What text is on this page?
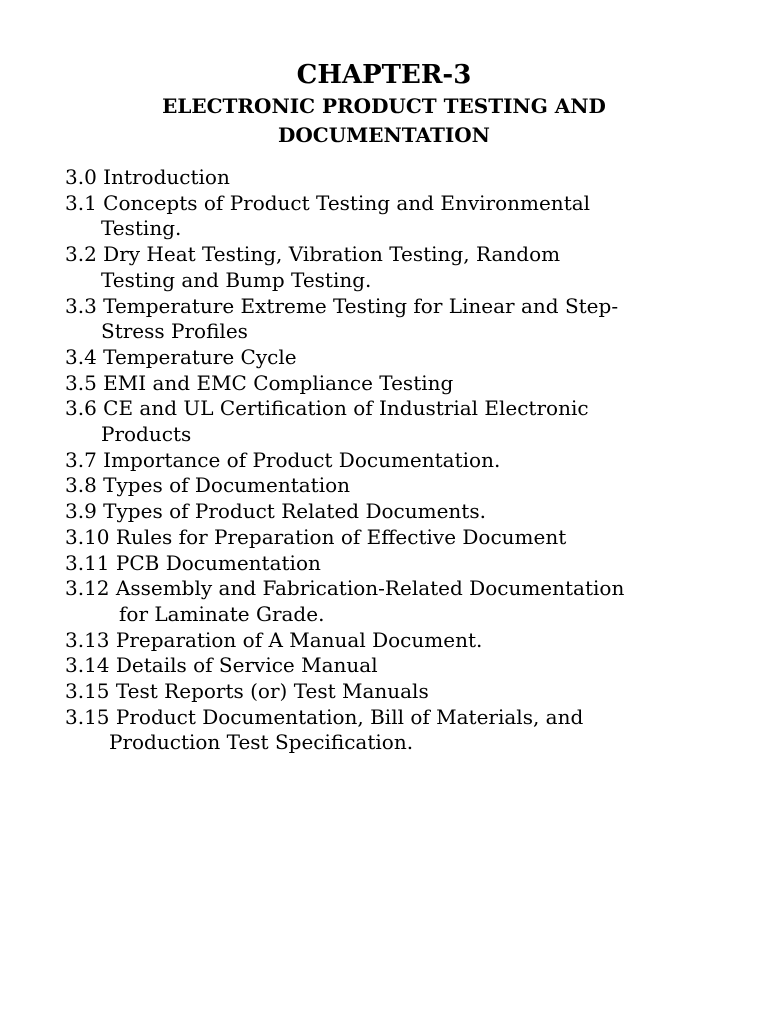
CHAPTER-3
ELECTRONIC PRODUCT TESTING AND
DOCUMENTATION
3.0 Introduction
3.1 Concepts of Product Testing and Environmental
Testing.
3.2 Dry Heat Testing, Vibration Testing, Random
Testing and Bump Testing.
3.3 Temperature Extreme Testing for Linear and Step-
Stress Profiles
3.4 Temperature Cycle
3.5 EMI and EMC Compliance Testing
3.6 CE and UL Certification of Industrial Electronic
Products
3.7 Importance of Product Documentation.
3.8 Types of Documentation
3.9 Types of Product Related Documents.
3.10 Rules for Preparation of Effective Document
3.11 PCB Documentation
3.12 Assembly and Fabrication-Related Documentation
for Laminate Grade.
3.13 Preparation of A Manual Document.
3.14 Details of Service Manual
3.15 Test Reports (or) Test Manuals
3.15 Product Documentation, Bill of Materials, and
Production Test Specification.
